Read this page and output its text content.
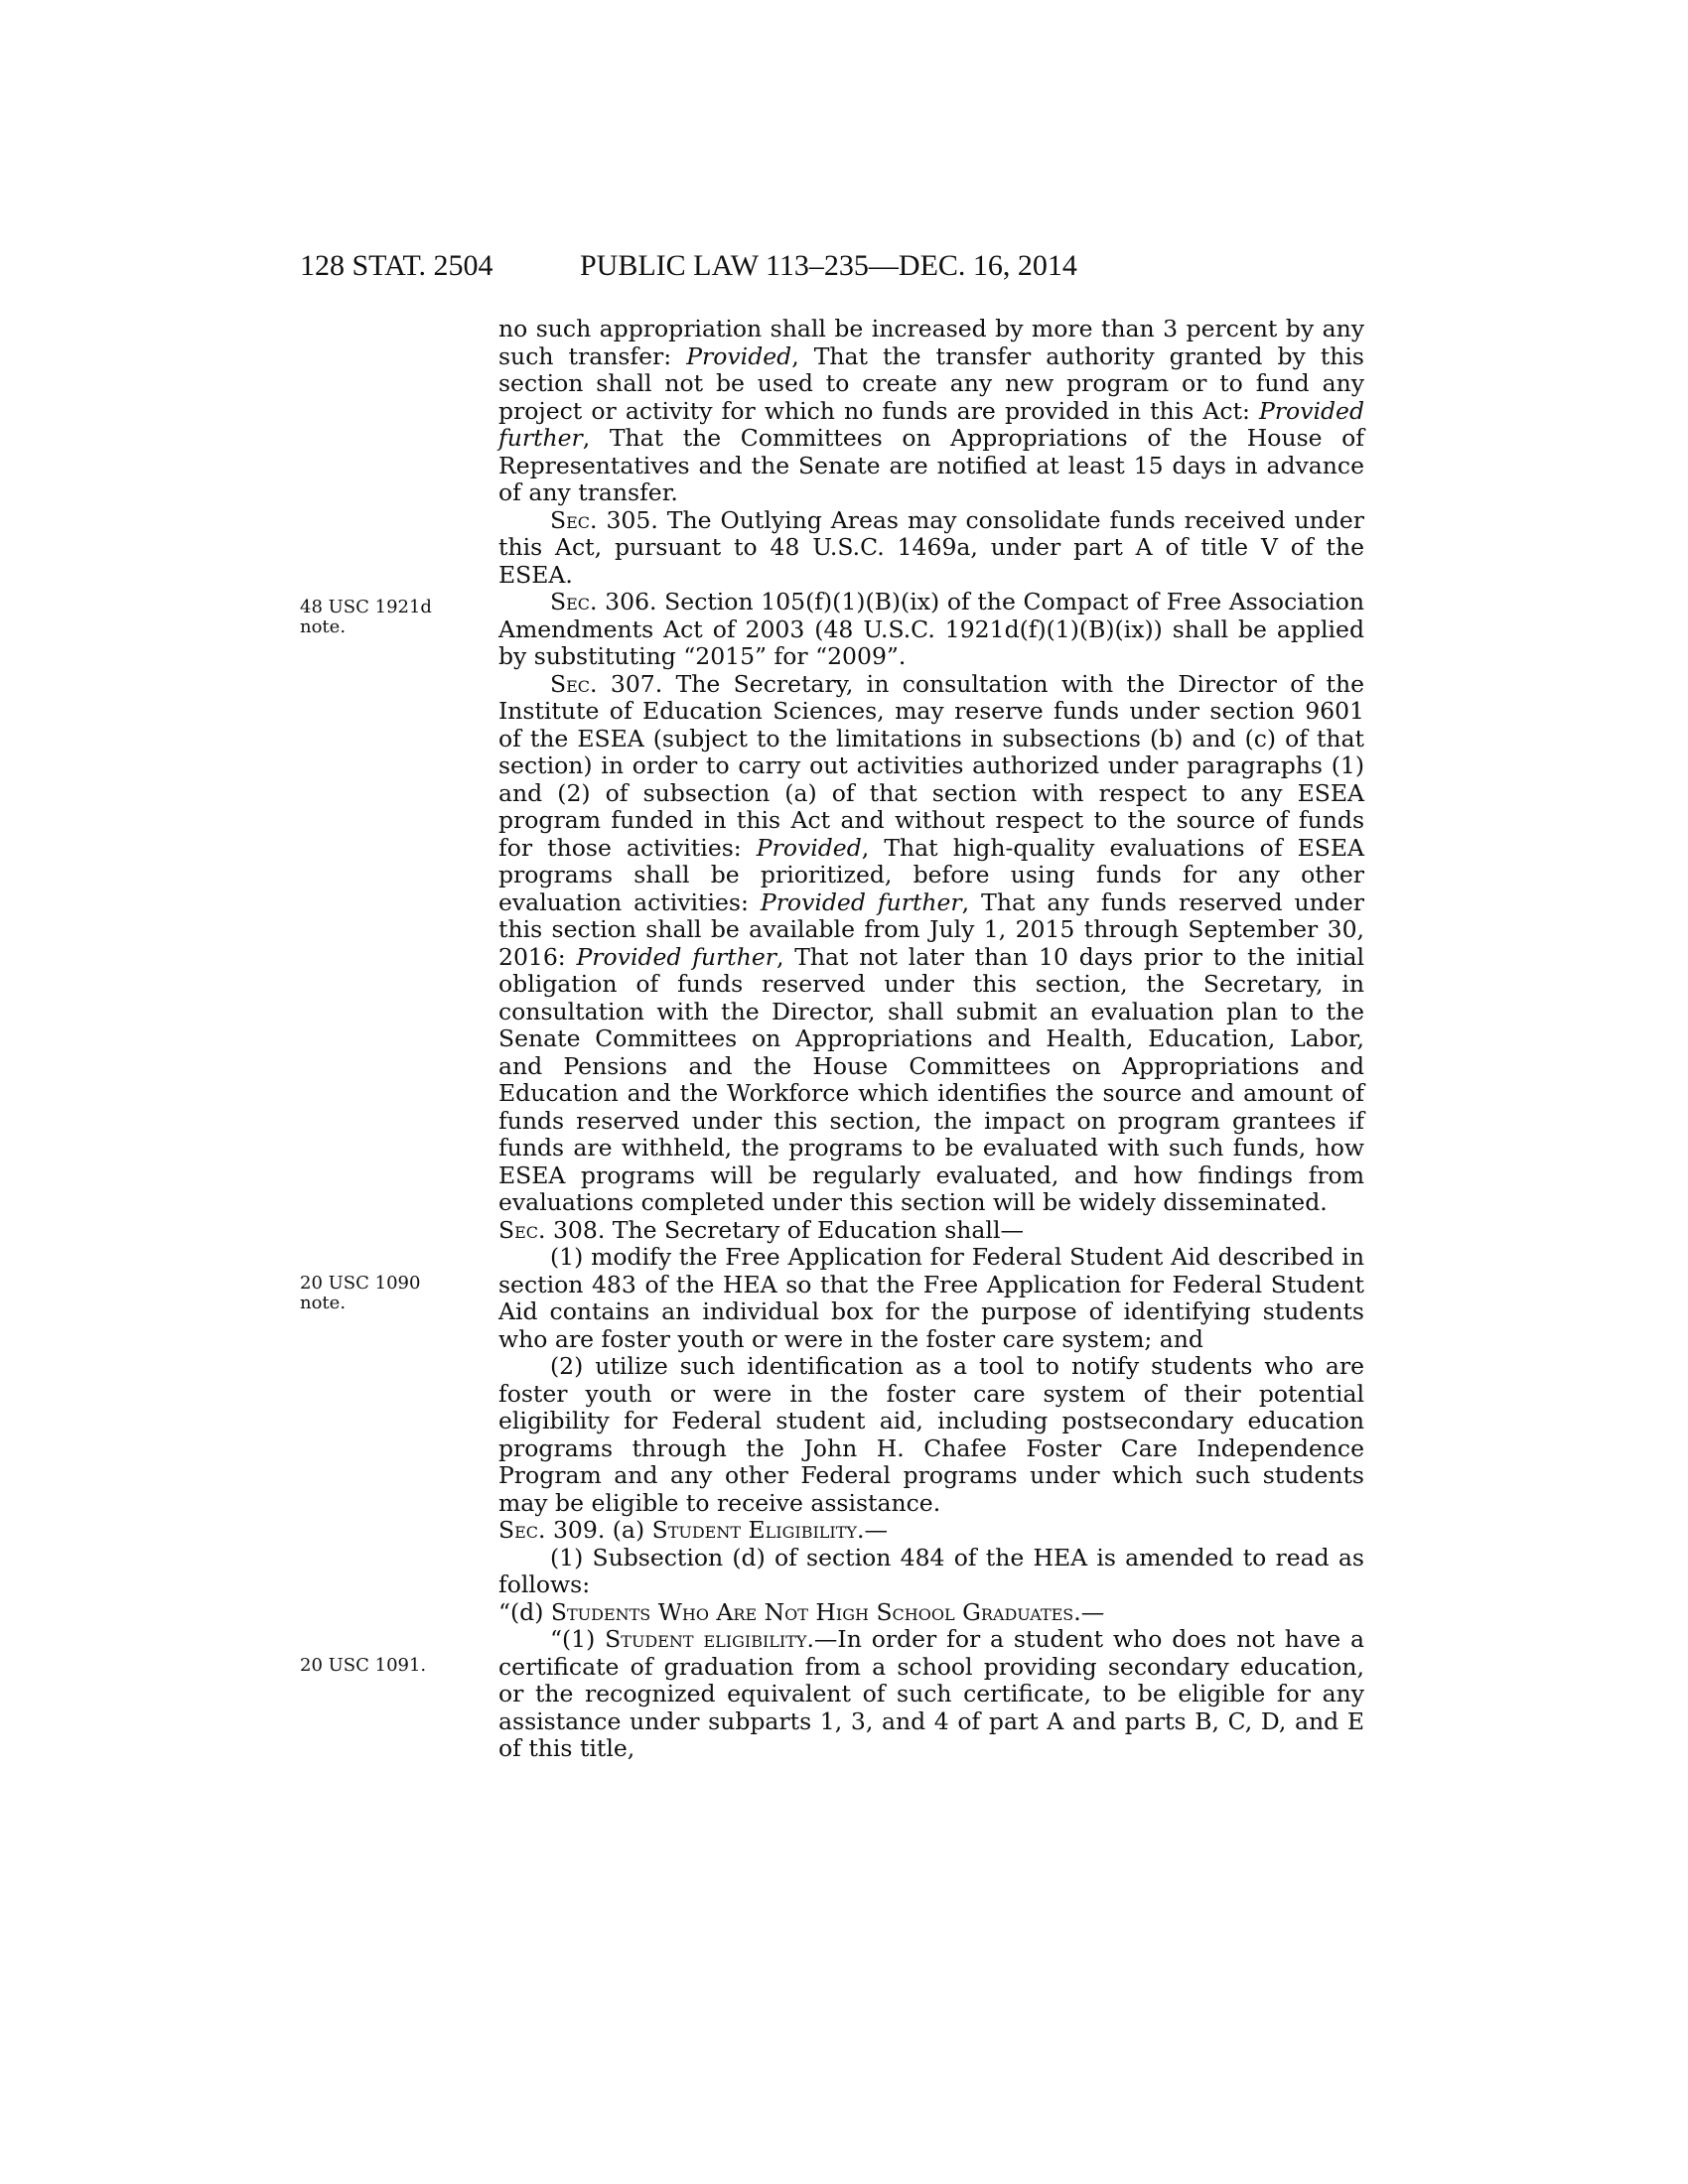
128 STAT. 2504	PUBLIC LAW 113–235—DEC. 16, 2014
48 USC 1921d note.
20 USC 1090 note.
20 USC 1091.

no such appropriation shall be increased by more than 3 percent by any such transfer: Provided, That the transfer authority granted by this section shall not be used to create any new program or to fund any project or activity for which no funds are provided in this Act: Provided further, That the Committees on Appropriations of the House of Representatives and the Senate are notified at least 15 days in advance of any transfer.

Sec. 305. The Outlying Areas may consolidate funds received under this Act, pursuant to 48 U.S.C. 1469a, under part A of title V of the ESEA.

Sec. 306. Section 105(f)(1)(B)(ix) of the Compact of Free Association Amendments Act of 2003 (48 U.S.C. 1921d(f)(1)(B)(ix)) shall be applied by substituting “2015” for “2009”.

Sec. 307. The Secretary, in consultation with the Director of the Institute of Education Sciences, may reserve funds under section 9601 of the ESEA (subject to the limitations in subsections (b) and (c) of that section) in order to carry out activities authorized under paragraphs (1) and (2) of subsection (a) of that section with respect to any ESEA program funded in this Act and without respect to the source of funds for those activities: Provided, That high-quality evaluations of ESEA programs shall be prioritized, before using funds for any other evaluation activities: Provided further, That any funds reserved under this section shall be available from July 1, 2015 through September 30, 2016: Provided further, That not later than 10 days prior to the initial obligation of funds reserved under this section, the Secretary, in consultation with the Director, shall submit an evaluation plan to the Senate Committees on Appropriations and Health, Education, Labor, and Pensions and the House Committees on Appropriations and Education and the Workforce which identifies the source and amount of funds reserved under this section, the impact on program grantees if funds are withheld, the programs to be evaluated with such funds, how ESEA programs will be regularly evaluated, and how findings from evaluations completed under this section will be widely disseminated.

Sec. 308. The Secretary of Education shall—

(1) modify the Free Application for Federal Student Aid described in section 483 of the HEA so that the Free Application for Federal Student Aid contains an individual box for the purpose of identifying students who are foster youth or were in the foster care system; and

(2) utilize such identification as a tool to notify students who are foster youth or were in the foster care system of their potential eligibility for Federal student aid, including postsecondary education programs through the John H. Chafee Foster Care Independence Program and any other Federal programs under which such students may be eligible to receive assistance.

Sec. 309. (a) Student Eligibility.—

(1) Subsection (d) of section 484 of the HEA is amended to read as follows:

“(d) Students Who Are Not High School Graduates.—

“(1) Student eligibility.—In order for a student who does not have a certificate of graduation from a school providing secondary education, or the recognized equivalent of such certificate, to be eligible for any assistance under subparts 1, 3, and 4 of part A and parts B, C, D, and E of this title,
